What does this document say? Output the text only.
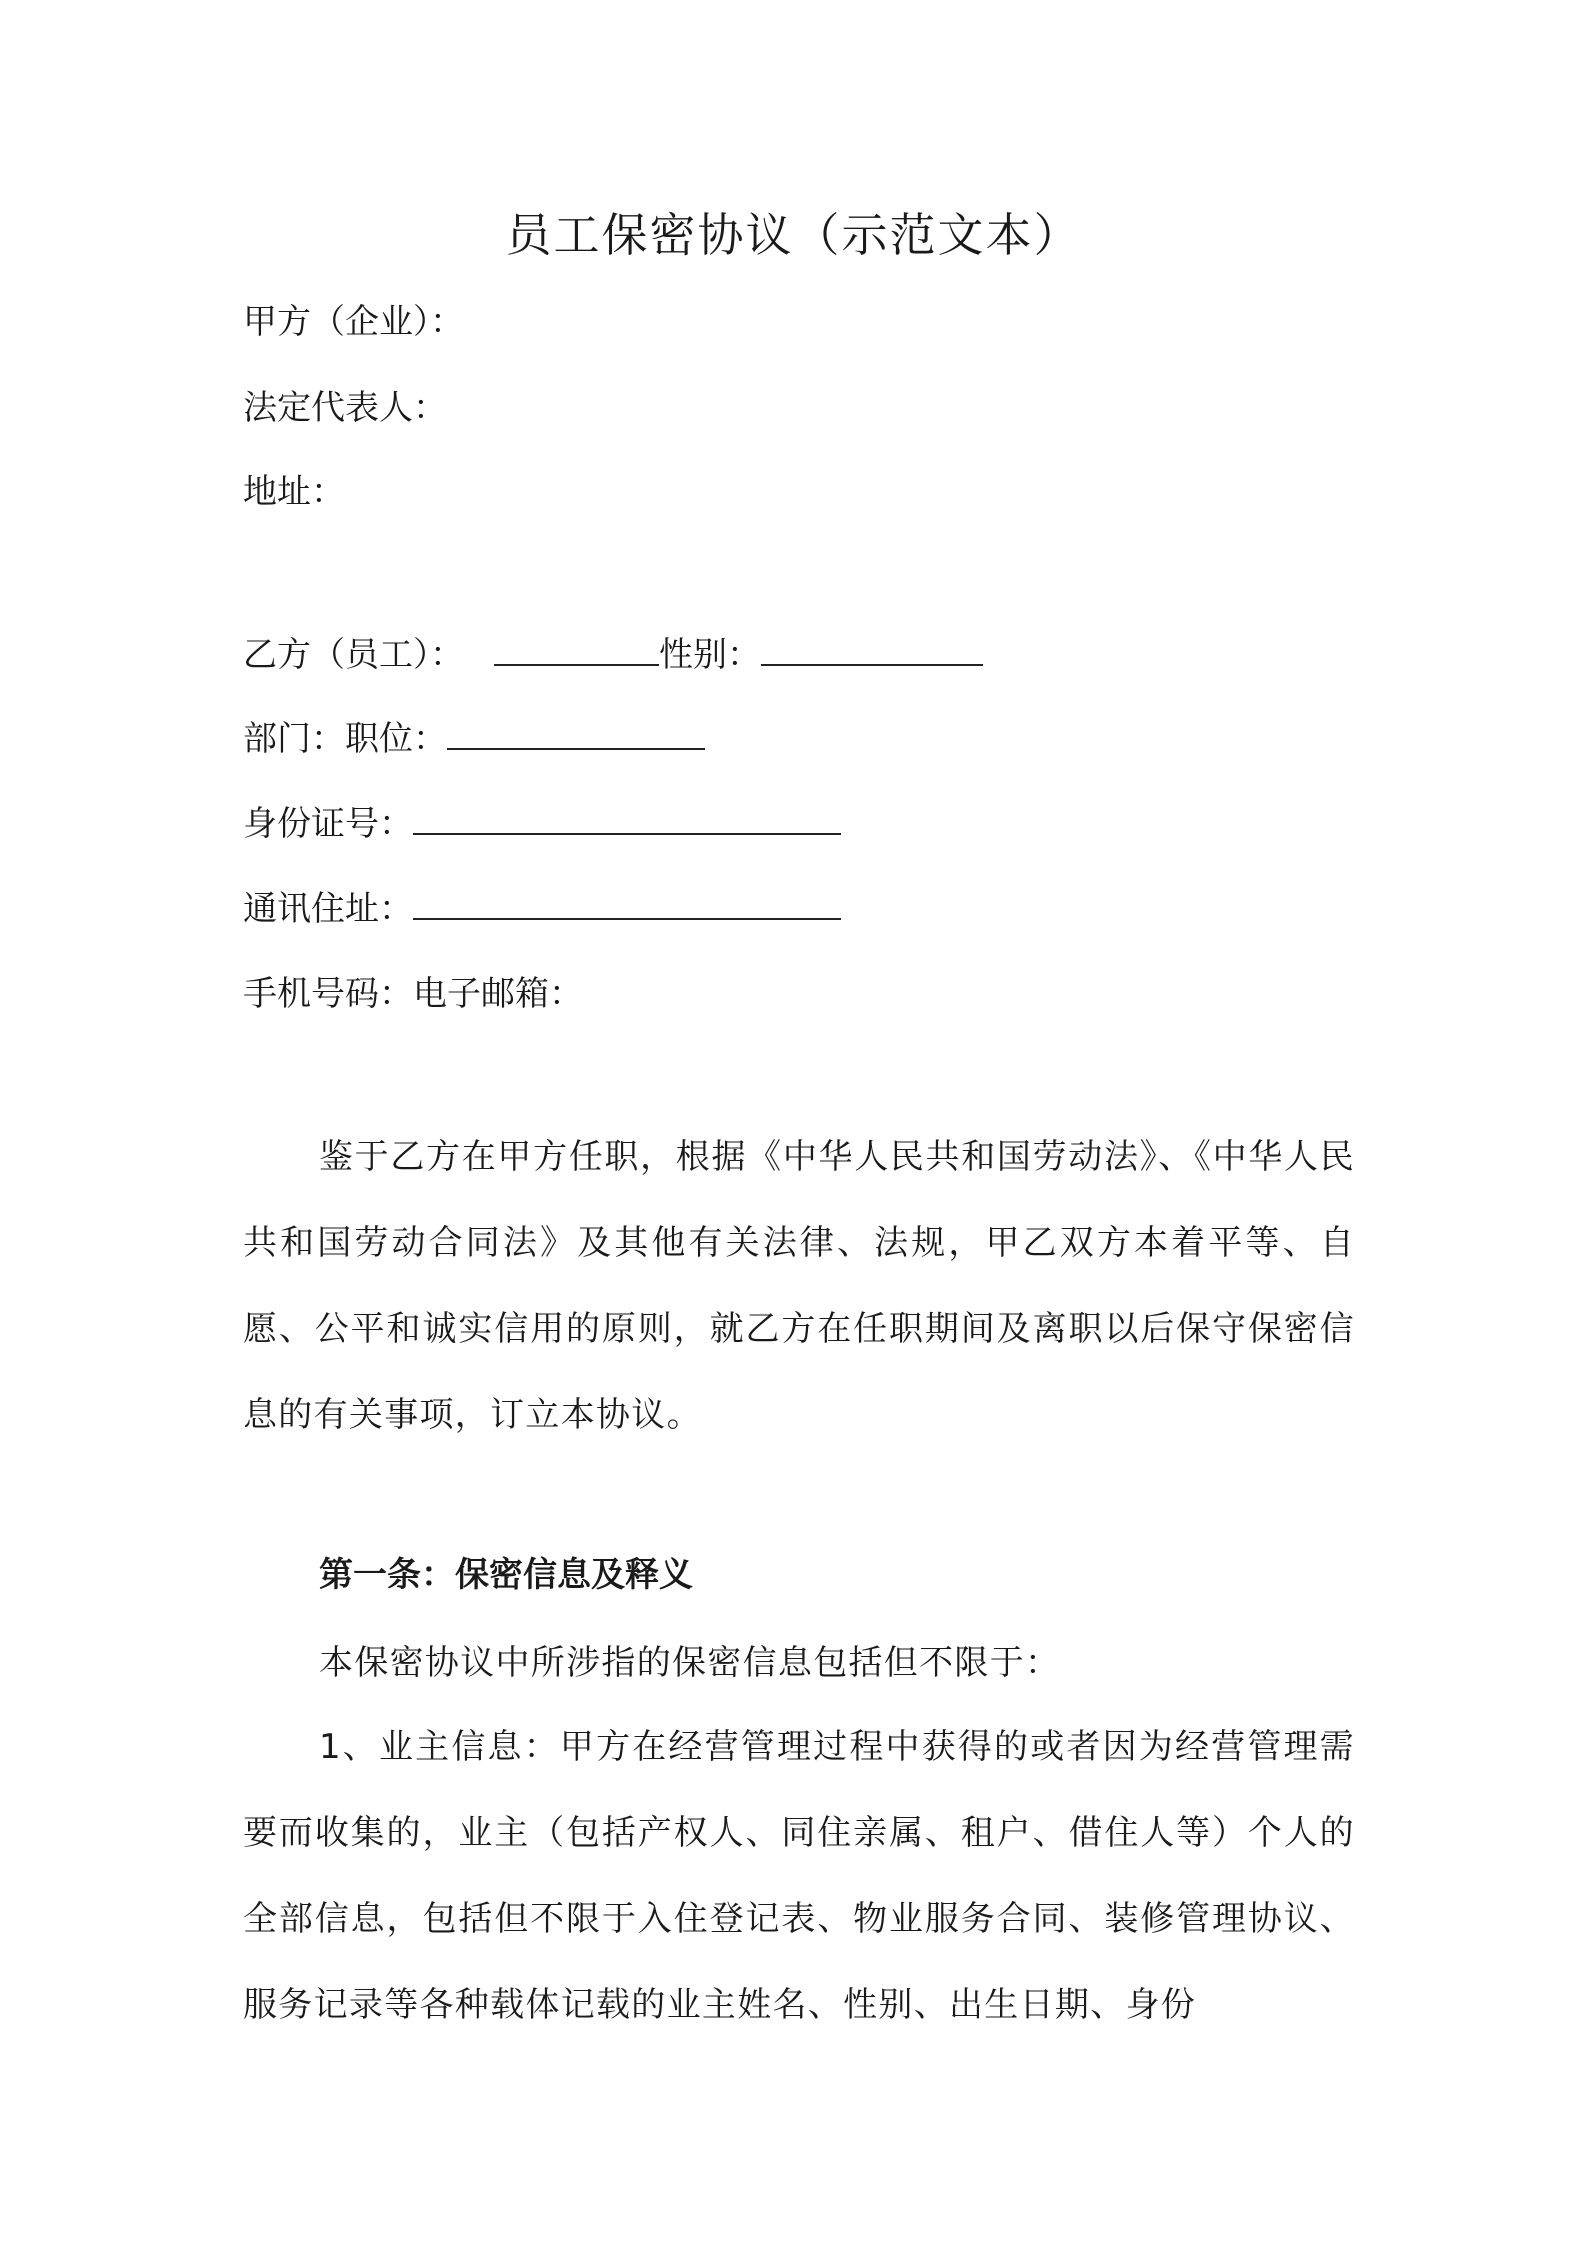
员工保密协议（示范文本）
甲方（企业）：
法定代表人：
地址：
乙方（员工）：	性别：
部门：职位：
身份证号：
通讯住址：
手机号码：电子邮箱：
鉴于乙方在甲方任职，根据《中华人民共和国劳动法》、《中华人民共和国劳动合同法》及其他有关法律、法规，甲乙双方本着平等、自愿、公平和诚实信用的原则，就乙方在任职期间及离职以后保守保密信息的有关事项，订立本协议。
第一条：保密信息及释义
本保密协议中所涉指的保密信息包括但不限于：
1、业主信息：甲方在经营管理过程中获得的或者因为经营管理需要而收集的，业主（包括产权人、同住亲属、租户、借住人等）个人的全部信息，包括但不限于入住登记表、物业服务合同、装修管理协议、服务记录等各种载体记载的业主姓名、性别、出生日期、身份
